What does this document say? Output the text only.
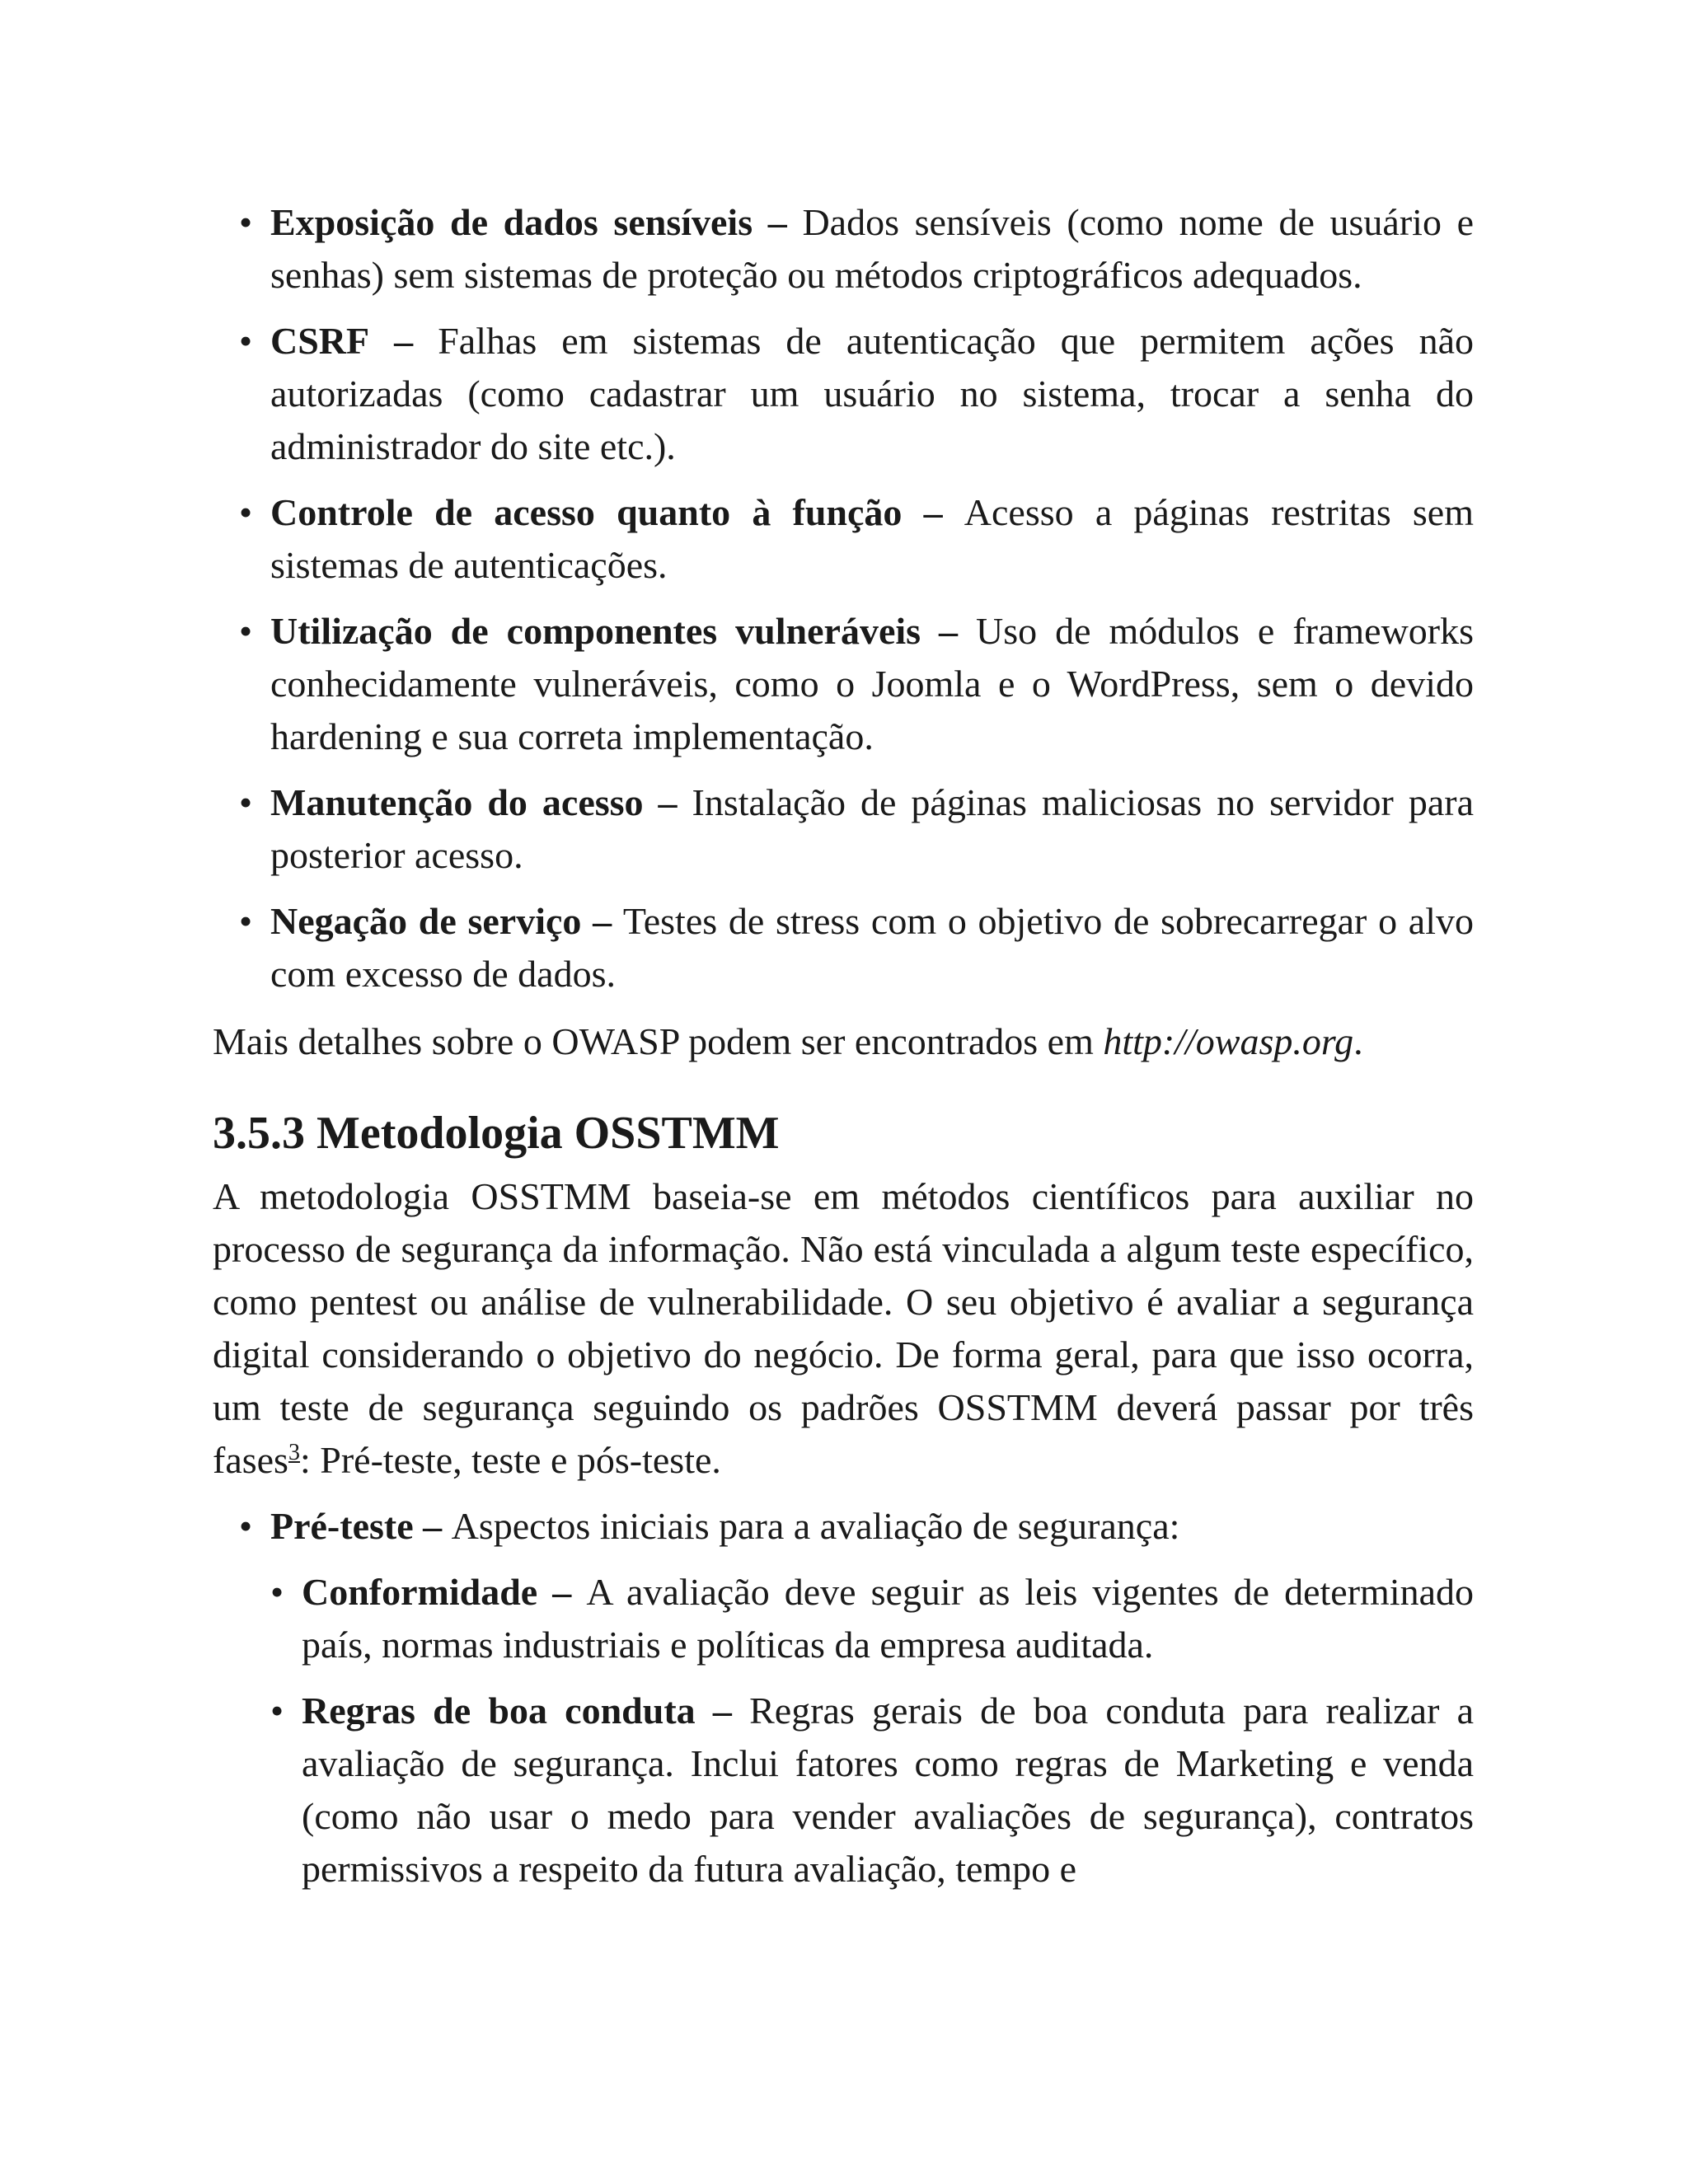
• Exposição de dados sensíveis – Dados sensíveis (como nome de usuário e senhas) sem sistemas de proteção ou métodos criptográficos adequados.

• CSRF – Falhas em sistemas de autenticação que permitem ações não autorizadas (como cadastrar um usuário no sistema, trocar a senha do administrador do site etc.).

• Controle de acesso quanto à função – Acesso a páginas restritas sem sistemas de autenticações.

• Utilização de componentes vulneráveis – Uso de módulos e frameworks conhecidamente vulneráveis, como o Joomla e o WordPress, sem o devido hardening e sua correta implementação.

• Manutenção do acesso – Instalação de páginas maliciosas no servidor para posterior acesso.

• Negação de serviço – Testes de stress com o objetivo de sobrecarregar o alvo com excesso de dados.

Mais detalhes sobre o OWASP podem ser encontrados em http://owasp.org.

3.5.3 Metodologia OSSTMM

A metodologia OSSTMM baseia-se em métodos científicos para auxiliar no processo de segurança da informação. Não está vinculada a algum teste específico, como pentest ou análise de vulnerabilidade. O seu objetivo é avaliar a segurança digital considerando o objetivo do negócio. De forma geral, para que isso ocorra, um teste de segurança seguindo os padrões OSSTMM deverá passar por três fases$^3$: Pré-teste, teste e pós-teste.

• Pré-teste – Aspectos iniciais para a avaliação de segurança:

• Conformidade – A avaliação deve seguir as leis vigentes de determinado país, normas industriais e políticas da empresa auditada.

• Regras de boa conduta – Regras gerais de boa conduta para realizar a avaliação de segurança. Inclui fatores como regras de Marketing e venda (como não usar o medo para vender avaliações de segurança), contratos permissivos a respeito da futura avaliação, tempo e
